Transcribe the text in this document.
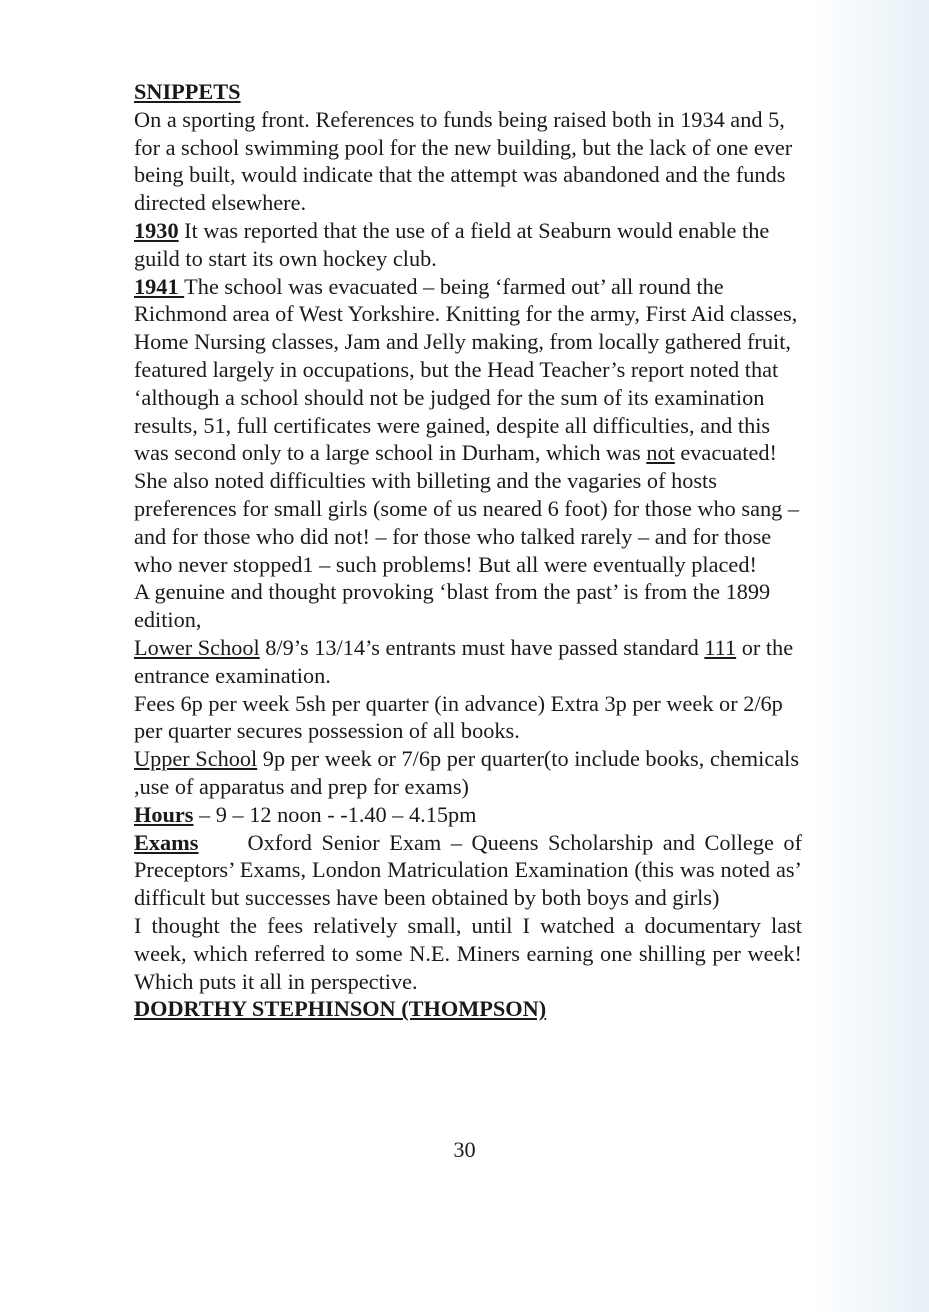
SNIPPETS

On a sporting front. References to funds being raised both in 1934 and 5, for a school swimming pool for the new building, but the lack of one ever being built, would indicate that the attempt was abandoned and the funds directed elsewhere.

1930 It was reported that the use of a field at Seaburn would enable the guild to start its own hockey club.

1941 The school was evacuated – being ‘farmed out’ all round the Richmond area of West Yorkshire. Knitting for the army, First Aid classes, Home Nursing classes, Jam and Jelly making, from locally gathered fruit, featured largely in occupations, but the Head Teacher’s report noted that ‘although a school should not be judged for the sum of its examination results, 51, full certificates were gained, despite all difficulties, and this was second only to a large school in Durham, which was not evacuated! She also noted difficulties with billeting and the vagaries of hosts preferences for small girls (some of us neared 6 foot) for those who sang – and for those who did not! – for those who talked rarely – and for those who never stopped1 – such problems! But all were eventually placed!

A genuine and thought provoking ‘blast from the past’ is from the 1899 edition,

Lower School 8/9’s 13/14’s entrants must have passed standard 111 or the entrance examination.

Fees 6p per week 5sh per quarter (in advance) Extra 3p per week or 2/6p per quarter secures possession of all books.

Upper School 9p per week or 7/6p per quarter(to include books, chemicals ,use of apparatus and prep for exams)

Hours – 9 – 12 noon - -1.40 – 4.15pm

Exams Oxford Senior Exam – Queens Scholarship and College of Preceptors’ Exams, London Matriculation Examination (this was noted as’ difficult but successes have been obtained by both boys and girls)

I thought the fees relatively small, until I watched a documentary last week, which referred to some N.E. Miners earning one shilling per week! Which puts it all in perspective.

DODRTHY STEPHINSON (THOMPSON)

30
